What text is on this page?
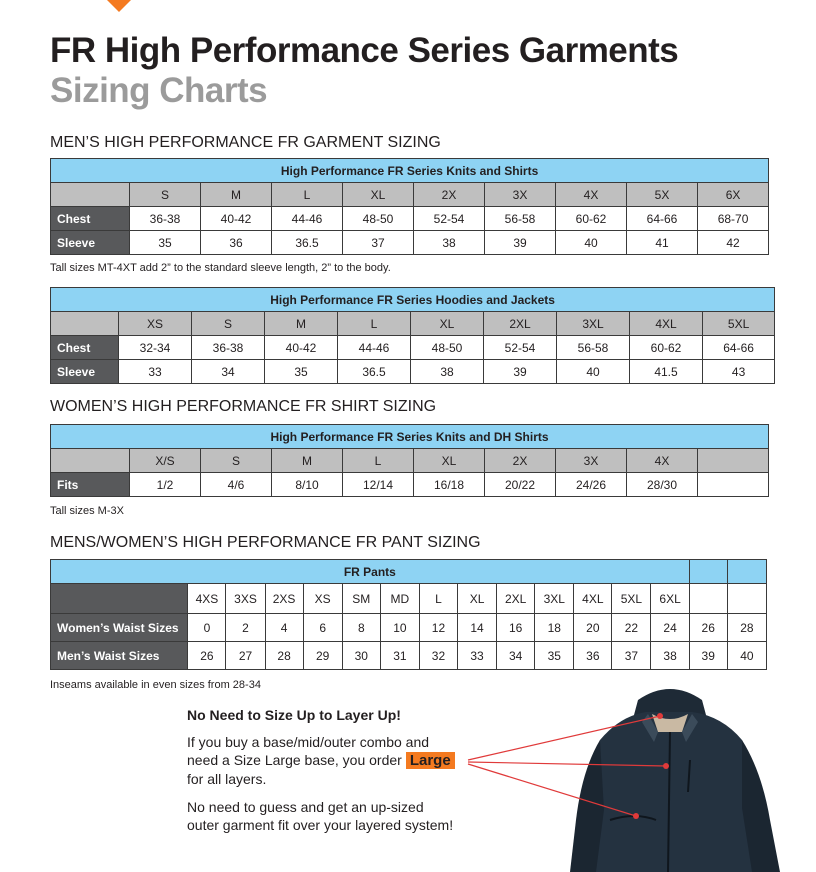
FR High Performance Series Garments
Sizing Charts
MEN’S HIGH PERFORMANCE FR GARMENT SIZING
High Performance FR Series Knits and Shirts									
	S	M	L	XL	2X	3X	4X	5X	6X
Chest	36-38	40-42	44-46	48-50	52-54	56-58	60-62	64-66	68-70
Sleeve	35	36	36.5	37	38	39	40	41	42
Tall sizes MT-4XT add 2” to the standard sleeve length, 2” to the body.
High Performance FR Series Hoodies and Jackets									
	XS	S	M	L	XL	2XL	3XL	4XL	5XL
Chest	32-34	36-38	40-42	44-46	48-50	52-54	56-58	60-62	64-66
Sleeve	33	34	35	36.5	38	39	40	41.5	43
WOMEN’S HIGH PERFORMANCE FR SHIRT SIZING
High Performance FR Series Knits and DH Shirts									
	X/S	S	M	L	XL	2X	3X	4X	
Fits	1/2	4/6	8/10	12/14	16/18	20/22	24/26	28/30	
Tall sizes M-3X
MENS/WOMEN’S HIGH PERFORMANCE FR PANT SIZING
FR Pants															
	4XS	3XS	2XS	XS	SM	MD	L	XL	2XL	3XL	4XL	5XL	6XL		
Women’s Waist Sizes	0	2	4	6	8	10	12	14	16	18	20	22	24	26	28
Men’s Waist Sizes	26	27	28	29	30	31	32	33	34	35	36	37	38	39	40
Inseams available in even sizes from 28-34
No Need to Size Up to Layer Up!
If you buy a base/mid/outer combo and
need a Size Large base, you order Large
for all layers.
No need to guess and get an up-sized
outer garment fit over your layered system!
